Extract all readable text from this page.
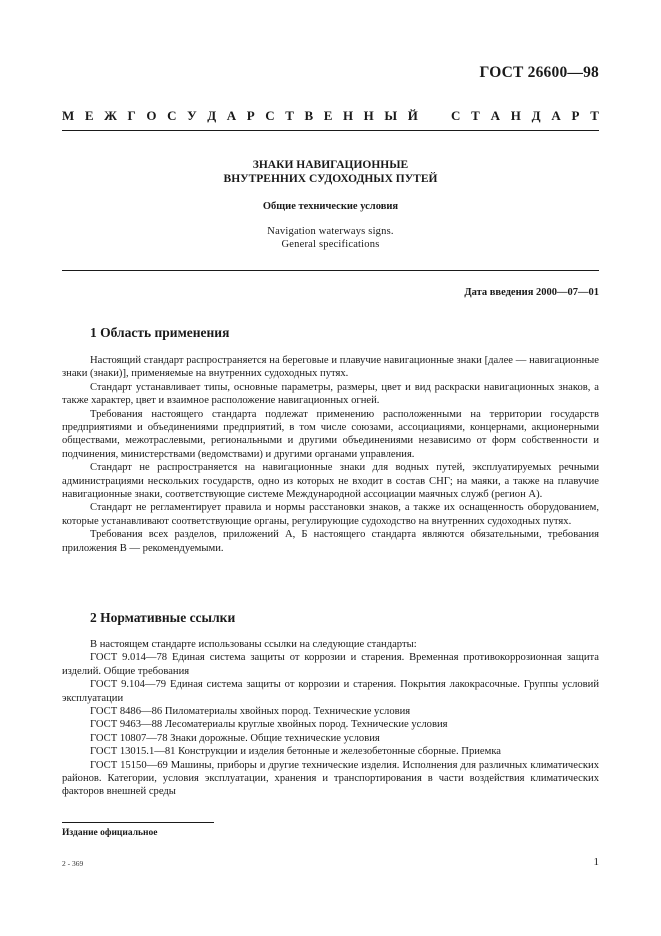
ГОСТ 26600—98
М Е Ж Г О С У Д А Р С Т В Е Н Н Ы Й	С Т А Н Д А Р Т
ЗНАКИ НАВИГАЦИОННЫЕ
ВНУТРЕННИХ СУДОХОДНЫХ ПУТЕЙ
Общие технические условия
Navigation waterways signs.
General specifications
Дата введения 2000—07—01
1 Область применения

Настоящий стандарт распространяется на береговые и плавучие навигационные знаки [далее — навигационные знаки (знаки)], применяемые на внутренних судоходных путях.

Стандарт устанавливает типы, основные параметры, размеры, цвет и вид раскраски навигационных знаков, а также характер, цвет и взаимное расположение навигационных огней.

Требования настоящего стандарта подлежат применению расположенными на территории государств предприятиями и объединениями предприятий, в том числе союзами, ассоциациями, концернами, акционерными обществами, межотраслевыми, региональными и другими объединениями независимо от форм собственности и подчинения, министерствами (ведомствами) и другими органами управления.

Стандарт не распространяется на навигационные знаки для водных путей, эксплуатируемых речными администрациями нескольких государств, одно из которых не входит в состав СНГ; на маяки, а также на плавучие навигационные знаки, соответствующие системе Международной ассоциации маячных служб (регион А).

Стандарт не регламентирует правила и нормы расстановки знаков, а также их оснащенность оборудованием, которые устанавливают соответствующие органы, регулирующие судоходство на внутренних судоходных путях.

Требования всех разделов, приложений А, Б настоящего стандарта являются обязательными, требования приложения В — рекомендуемыми.

2 Нормативные ссылки

В настоящем стандарте использованы ссылки на следующие стандарты:

ГОСТ 9.014—78 Единая система защиты от коррозии и старения. Временная противокоррозионная защита изделий. Общие требования

ГОСТ 9.104—79 Единая система защиты от коррозии и старения. Покрытия лакокрасочные. Группы условий эксплуатации

ГОСТ 8486—86 Пиломатериалы хвойных пород. Технические условия

ГОСТ 9463—88 Лесоматериалы круглые хвойных пород. Технические условия

ГОСТ 10807—78 Знаки дорожные. Общие технические условия

ГОСТ 13015.1—81 Конструкции и изделия бетонные и железобетонные сборные. Приемка

ГОСТ 15150—69 Машины, приборы и другие технические изделия. Исполнения для различных климатических районов. Категории, условия эксплуатации, хранения и транспортирования в части воздействия климатических факторов внешней среды

Издание официальное
2 - 369	1
